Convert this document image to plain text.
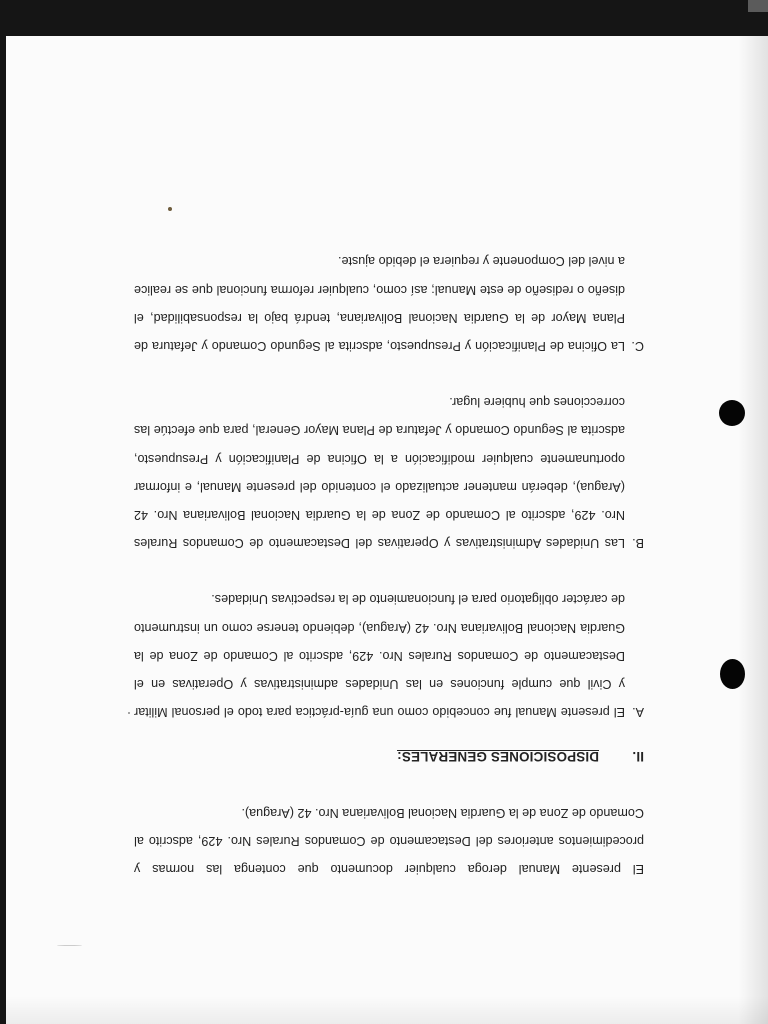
El presente Manual deroga cualquier documento que contenga las normas y procedimientos anteriores del Destacamento de Comandos Rurales Nro. 429, adscrito al Comando de Zona de la Guardia Nacional Bolivariana Nro. 42 (Aragua).

II.
DISPOSICIONES GENERALES:
A.
El presente Manual fue concebido como una guía-práctica para todo el personal Militar y Civil que cumple funciones en las Unidades administrativas y Operativas en el Destacamento de Comandos Rurales Nro. 429, adscrito al Comando de Zona de la Guardia Nacional Bolivariana Nro. 42 (Aragua), debiendo tenerse como un instrumento de carácter obligatorio para el funcionamiento de la respectivas Unidades.
B.
Las Unidades Administrativas y Operativas del Destacamento de Comandos Rurales Nro. 429, adscrito al Comando de Zona de la Guardia Nacional Bolivariana Nro. 42 (Aragua), deberán mantener actualizado el contenido del presente Manual, e informar oportunamente cualquier modificación a la Oficina de Planificación y Presupuesto, adscrita al Segundo Comando y Jefatura de Plana Mayor General, para que efectúe las correcciones que hubiere lugar.
C.
La Oficina de Planificación y Presupuesto, adscrita al Segundo Comando y Jefatura de Plana Mayor de la Guardia Nacional Bolivariana, tendrá bajo la responsabilidad, el diseño o rediseño de este Manual; así como, cualquier reforma funcional que se realice a nivel del Componente y requiera el debido ajuste.
